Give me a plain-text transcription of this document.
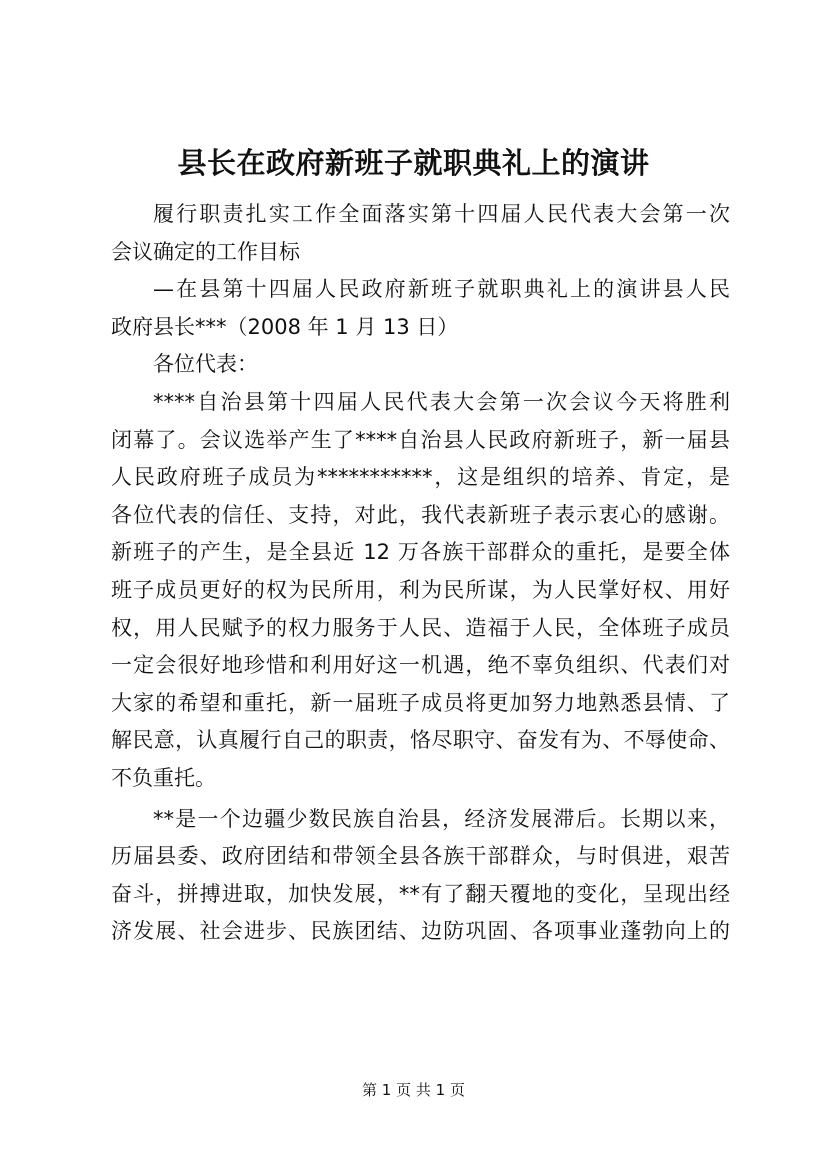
县长在政府新班子就职典礼上的演讲

履行职责扎实工作全面落实第十四届人民代表大会第一次
会议确定的工作目标

—在县第十四届人民政府新班子就职典礼上的演讲县人民
政府县长***（2008 年 1 月 13 日）

各位代表：

****自治县第十四届人民代表大会第一次会议今天将胜利
闭幕了。会议选举产生了****自治县人民政府新班子，新一届县
人民政府班子成员为***********，这是组织的培养、肯定，是
各位代表的信任、支持，对此，我代表新班子表示衷心的感谢。
新班子的产生，是全县近 12 万各族干部群众的重托，是要全体
班子成员更好的权为民所用，利为民所谋，为人民掌好权、用好
权，用人民赋予的权力服务于人民、造福于人民，全体班子成员
一定会很好地珍惜和利用好这一机遇，绝不辜负组织、代表们对
大家的希望和重托，新一届班子成员将更加努力地熟悉县情、了
解民意，认真履行自己的职责，恪尽职守、奋发有为、不辱使命、
不负重托。

**是一个边疆少数民族自治县，经济发展滞后。长期以来，
历届县委、政府团结和带领全县各族干部群众，与时俱进，艰苦
奋斗，拼搏进取，加快发展，**有了翻天覆地的变化，呈现出经
济发展、社会进步、民族团结、边防巩固、各项事业蓬勃向上的

第 1 页 共 1 页
